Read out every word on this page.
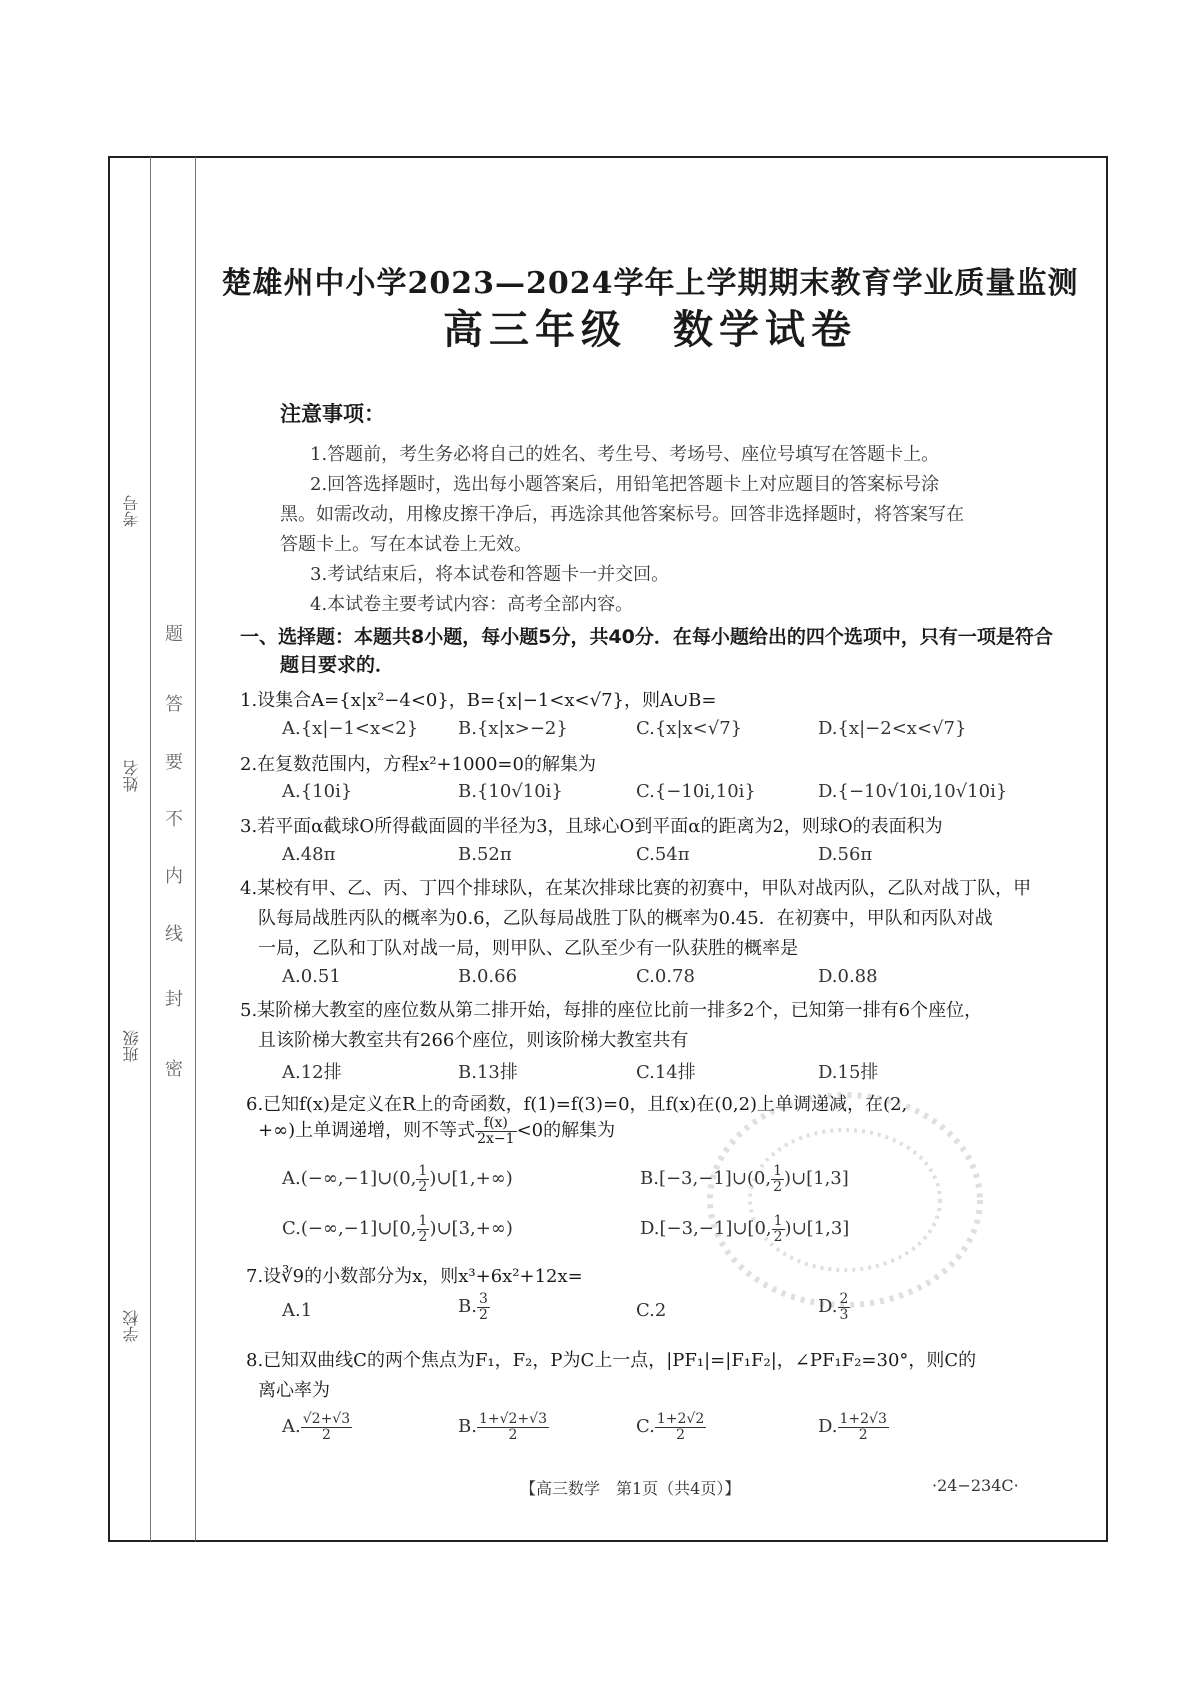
考号
姓名
班级
学校
密
封
线
内
不
要
答
题
楚雄州中小学2023—2024学年上学期期末教育学业质量监测
高三年级　数学试卷
注意事项：
1.答题前，考生务必将自己的姓名、考生号、考场号、座位号填写在答题卡上。
2.回答选择题时，选出每小题答案后，用铅笔把答题卡上对应题目的答案标号涂
黑。如需改动，用橡皮擦干净后，再选涂其他答案标号。回答非选择题时，将答案写在
答题卡上。写在本试卷上无效。
3.考试结束后，将本试卷和答题卡一并交回。
4.本试卷主要考试内容：高考全部内容。
一、选择题：本题共8小题，每小题5分，共40分．在每小题给出的四个选项中，只有一项是符合
题目要求的．
1.设集合A={x|x²−4<0}，B={x|−1<x<√7}，则A∪B=
A.{x|−1<x<2} B.{x|x>−2}	C.{x|x<√7}	D.{x|−2<x<√7}
2.在复数范围内，方程x²+1000=0的解集为
A.{10i}	B.{10√10i}	C.{−10i,10i}	D.{−10√10i,10√10i}
3.若平面α截球O所得截面圆的半径为3，且球心O到平面α的距离为2，则球O的表面积为
A.48π	B.52π	C.54π	D.56π
4.某校有甲、乙、丙、丁四个排球队，在某次排球比赛的初赛中，甲队对战丙队，乙队对战丁队，甲
队每局战胜丙队的概率为0.6，乙队每局战胜丁队的概率为0.45．在初赛中，甲队和丙队对战
一局，乙队和丁队对战一局，则甲队、乙队至少有一队获胜的概率是
A.0.51	B.0.66	C.0.78	D.0.88
5.某阶梯大教室的座位数从第二排开始，每排的座位比前一排多2个，已知第一排有6个座位，
且该阶梯大教室共有266个座位，则该阶梯大教室共有
A.12排	B.13排	C.14排	D.15排
6.已知f(x)是定义在R上的奇函数，f(1)=f(3)=0，且f(x)在(0,2)上单调递减，在(2,
+∞)上单调递增，则不等式 $\frac{f(x)}{2x-1} <0$的解集为
A.(−∞,−1]∪(0, $\frac{1}{2}$ )∪[1,+∞)	B.[−3,−1]∪(0, $\frac{1}{2}$ )∪[1,3]
C.(−∞,−1]∪[0, $\frac{1}{2}$ )∪[3,+∞)	D.[−3,−1]∪[0, $\frac{1}{2}$ )∪[1,3]
7.设∛9的小数部分为x，则x³+6x²+12x=
A.1	B. $\frac{3}{2}$	C.2	D. $\frac{2}{3}$
8.已知双曲线C的两个焦点为F₁，F₂，P为C上一点，|PF₁|=|F₁F₂|，∠PF₁F₂=30°，则C的
离心率为
A. $\frac{√2+√3}{2}$	B. $\frac{1+√2+√3}{2}$	C. $\frac{1+2√2}{2}$	D. $\frac{1+2√3}{2}$
【高三数学　第1页（共4页）】	·24−234C·
